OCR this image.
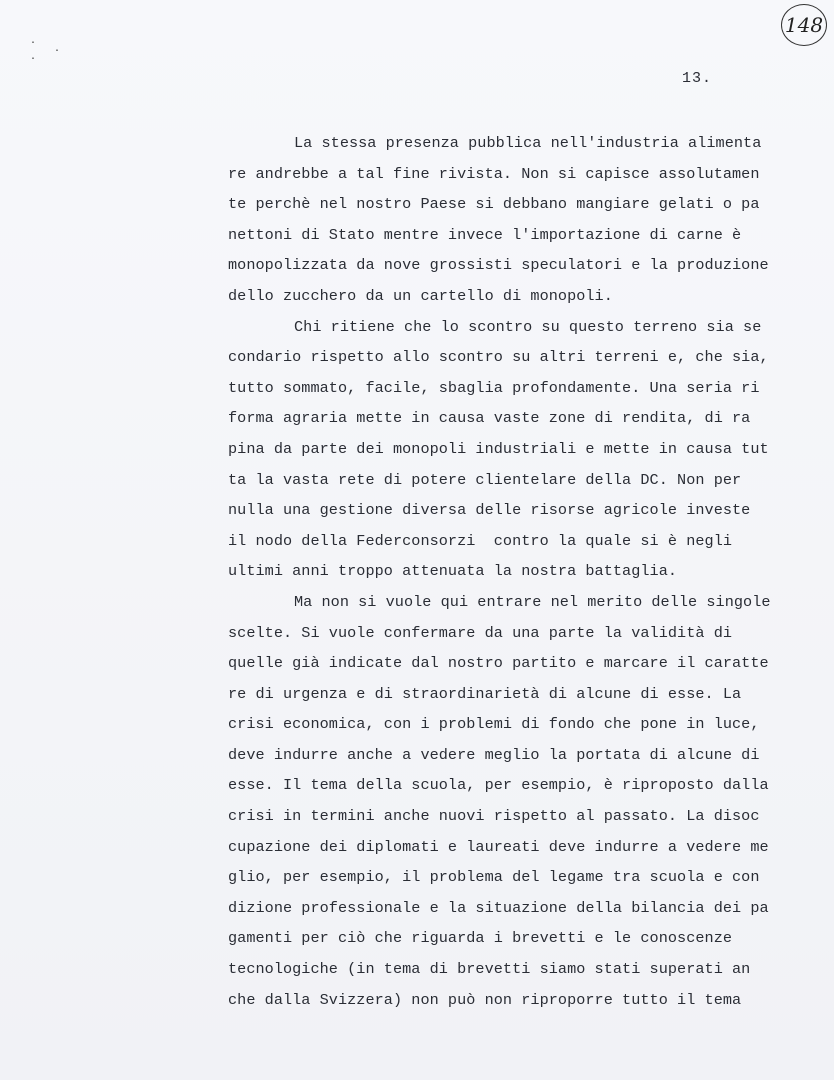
·
·
·
148
13.
La stessa presenza pubblica nell'industria alimenta
re andrebbe a tal fine rivista. Non si capisce assolutamen
te perchè nel nostro Paese si debbano mangiare gelati o pa
nettoni di Stato mentre invece l'importazione di carne è
monopolizzata da nove grossisti speculatori e la produzione
dello zucchero da un cartello di monopoli.
Chi ritiene che lo scontro su questo terreno sia se
condario rispetto allo scontro su altri terreni e, che sia,
tutto sommato, facile, sbaglia profondamente. Una seria ri
forma agraria mette in causa vaste zone di rendita, di ra
pina da parte dei monopoli industriali e mette in causa tut
ta la vasta rete di potere clientelare della DC. Non per
nulla una gestione diversa delle risorse agricole investe
il nodo della Federconsorzi  contro la quale si è negli
ultimi anni troppo attenuata la nostra battaglia.
Ma non si vuole qui entrare nel merito delle singole
scelte. Si vuole confermare da una parte la validità di
quelle già indicate dal nostro partito e marcare il caratte
re di urgenza e di straordinarietà di alcune di esse. La
crisi economica, con i problemi di fondo che pone in luce,
deve indurre anche a vedere meglio la portata di alcune di
esse. Il tema della scuola, per esempio, è riproposto dalla
crisi in termini anche nuovi rispetto al passato. La disoc
cupazione dei diplomati e laureati deve indurre a vedere me
glio, per esempio, il problema del legame tra scuola e con
dizione professionale e la situazione della bilancia dei pa
gamenti per ciò che riguarda i brevetti e le conoscenze
tecnologiche (in tema di brevetti siamo stati superati an
che dalla Svizzera) non può non riproporre tutto il tema
